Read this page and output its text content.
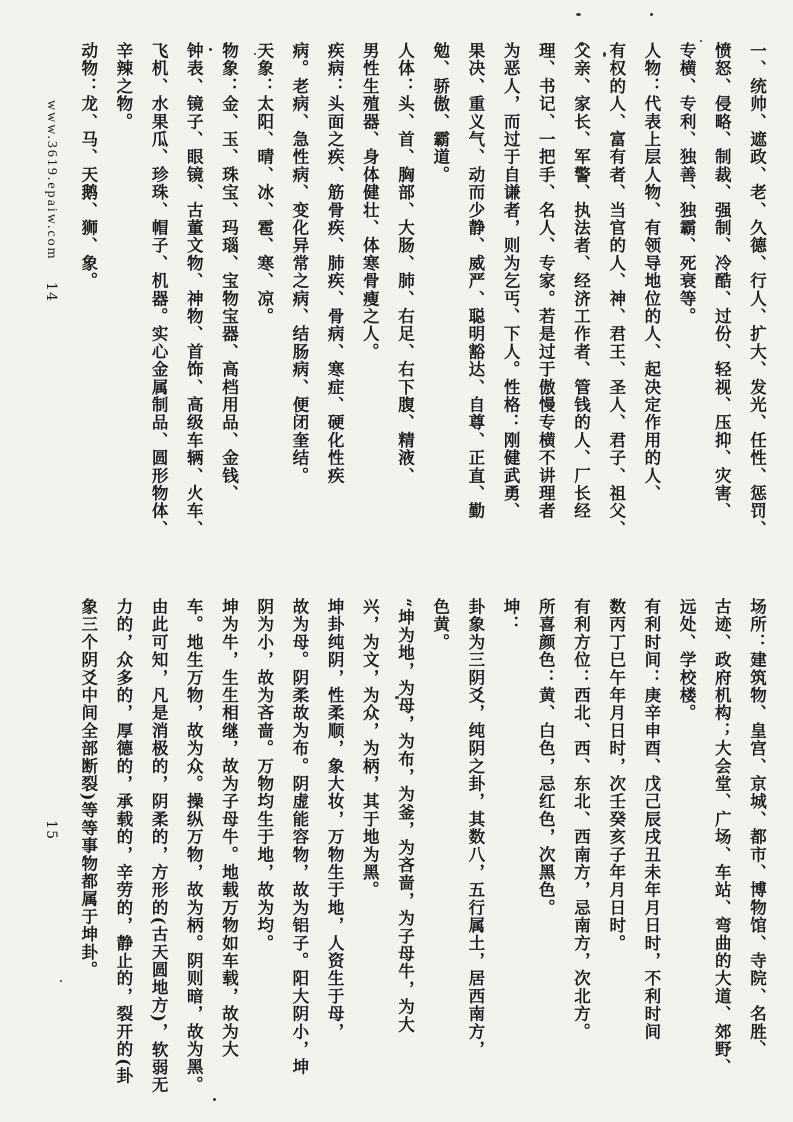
www.3619.epaiw.com
14
15
一、统帅、遮政、老、久德、行人、扩大、发光、任性、惩罚、
愤怒、侵略、制裁、强制、冷酷、过份、轻视、压抑、灾害、
专横、专利、独善、独霸、死衰等。
人物：代表上层人物、有领导地位的人、起决定作用的人、
有权的人、富有者、当官的人、神、君王、圣人、君子、祖父、
父亲、家长、军警、执法者、经济工作者、管钱的人、厂长经
理、书记、一把手、名人、专家。若是过于傲慢专横不讲理者
为恶人，而过于自谦者，则为乞丐、下人。性格：刚健武勇、
果决、重义气、动而少静、威严、聪明豁达、自尊、正直、勤
勉、骄傲、霸道。
人体：头、首、胸部、大肠、肺、右足、右下腹、精液、
男性生殖器、身体健壮、体寒骨瘦之人。
疾病：头面之疾、筋骨疾、肺疾、骨病、寒症、硬化性疾
病。老病、急性病、变化异常之病、结肠病、便闭奎结。
天象：太阳、晴、冰、雹、寒、凉。
物象：金、玉、珠宝、玛瑙、宝物宝器、高档用品、金钱、
钟表、镜子、眼镜、古董文物、神物、首饰、高级车辆、火车、
飞机、水果瓜、珍珠、帽子、机器。实心金属制品、圆形物体、
辛辣之物。
动物：龙、马、天鹅、狮、象。
场所：建筑物、皇宫、京城、都市、博物馆、寺院、名胜、
古迹、政府机构；大会堂、广场、车站、弯曲的大道、郊野、
远处、学校楼。
有利时间：庚辛申酉、戊己辰戌丑未年月日时，不利时间
数丙丁巳午年月日时，次壬癸亥子年月日时。
有利方位：西北、西、东北、西南方，忌南方，次北方。
所喜颜色：黄、白色，忌红色，次黑色。
坤：
卦象为三阴爻，纯阴之卦，其数八，五行属土，居西南方，
色黄。
“坤为地，为母，为布，为釜，为吝啬，为子母牛，为大
兴，为文，为众，为柄，其于地为黑。
坤卦纯阴，性柔顺，象大妆，万物生于地，人资生于母，
故为母。阴柔故为布。阴虚能容物，故为铝子。阳大阴小，坤
阴为小，故为吝啬。万物均生于地，故为均。
坤为牛，生生相继，故为子母牛。地载万物如车载，故为大
车。地生万物，故为众。操纵万物，故为柄。阴则暗，故为黑。
由此可知，凡是消极的，阴柔的，方形的(古天圆地方)，软弱无
力的，众多的，厚德的，承载的，辛劳的，静止的，裂开的(卦
象三个阴爻中间全部断裂)等等事物都属于坤卦。
